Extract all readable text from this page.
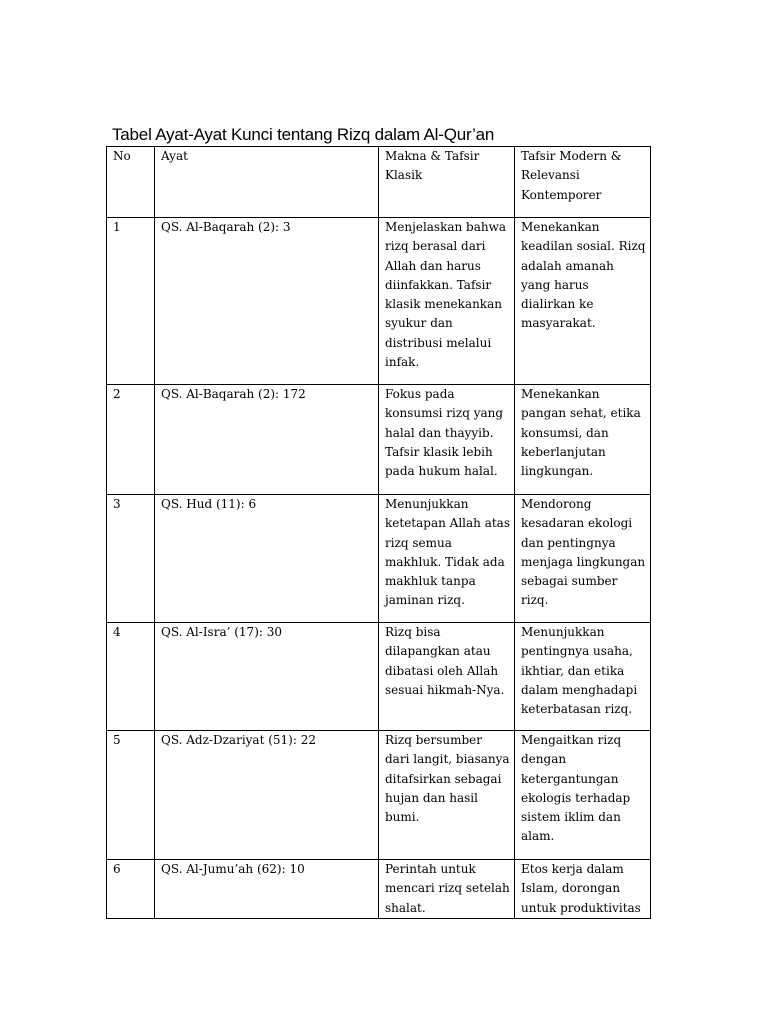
Tabel Ayat-Ayat Kunci tentang Rizq dalam Al-Qur’an
No	Ayat	Makna & Tafsir Klasik	Tafsir Modern & Relevansi Kontemporer
1	QS. Al-Baqarah (2): 3	Menjelaskan bahwa rizq berasal dari Allah dan harus diinfakkan. Tafsir klasik menekankan syukur dan distribusi melalui infak.	Menekankan keadilan sosial. Rizq adalah amanah yang harus dialirkan ke masyarakat.
2	QS. Al-Baqarah (2): 172	Fokus pada konsumsi rizq yang halal dan thayyib. Tafsir klasik lebih pada hukum halal.	Menekankan pangan sehat, etika konsumsi, dan keberlanjutan lingkungan.
3	QS. Hud (11): 6	Menunjukkan ketetapan Allah atas rizq semua makhluk. Tidak ada makhluk tanpa jaminan rizq.	Mendorong kesadaran ekologi dan pentingnya menjaga lingkungan sebagai sumber rizq.
4	QS. Al-Isra’ (17): 30	Rizq bisa dilapangkan atau dibatasi oleh Allah sesuai hikmah-Nya.	Menunjukkan pentingnya usaha, ikhtiar, dan etika dalam menghadapi keterbatasan rizq.
5	QS. Adz-Dzariyat (51): 22	Rizq bersumber dari langit, biasanya ditafsirkan sebagai hujan dan hasil bumi.	Mengaitkan rizq dengan ketergantungan ekologis terhadap sistem iklim dan alam.
6	QS. Al-Jumu’ah (62): 10	Perintah untuk mencari rizq setelah shalat.	Etos kerja dalam Islam, dorongan untuk produktivitas
